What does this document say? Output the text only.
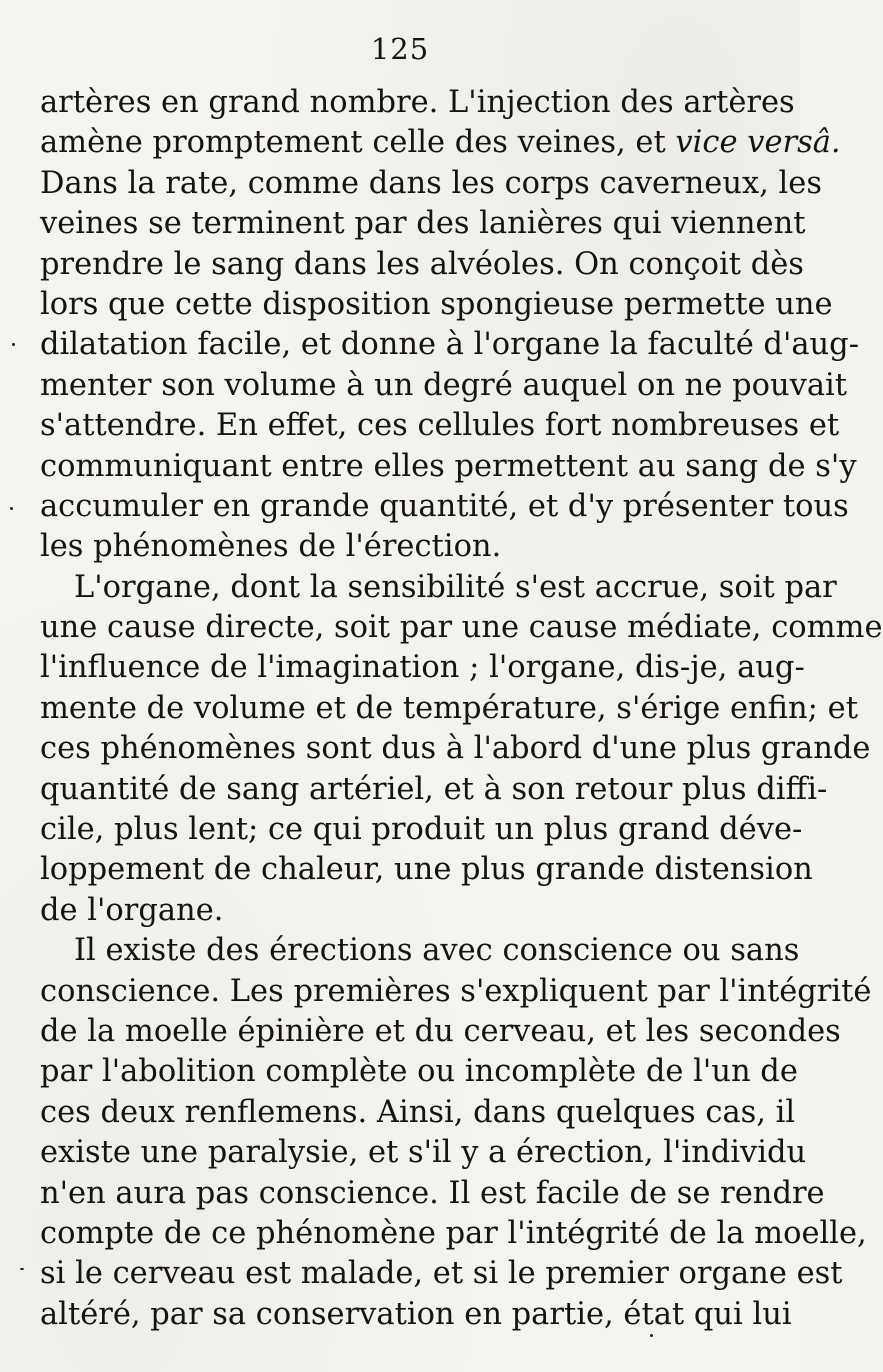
125
artères en grand nombre. L'injection des artères
amène promptement celle des veines, et vice versâ.
Dans la rate, comme dans les corps caverneux, les
veines se terminent par des lanières qui viennent
prendre le sang dans les alvéoles. On conçoit dès
lors que cette disposition spongieuse permette une
dilatation facile, et donne à l'organe la faculté d'aug-
menter son volume à un degré auquel on ne pouvait
s'attendre. En effet, ces cellules fort nombreuses et
communiquant entre elles permettent au sang de s'y
accumuler en grande quantité, et d'y présenter tous
les phénomènes de l'érection.
L'organe, dont la sensibilité s'est accrue, soit par
une cause directe, soit par une cause médiate, comme
l'influence de l'imagination ; l'organe, dis-je, aug-
mente de volume et de température, s'érige enfin; et
ces phénomènes sont dus à l'abord d'une plus grande
quantité de sang artériel, et à son retour plus diffi-
cile, plus lent; ce qui produit un plus grand déve-
loppement de chaleur, une plus grande distension
de l'organe.
Il existe des érections avec conscience ou sans
conscience. Les premières s'expliquent par l'intégrité
de la moelle épinière et du cerveau, et les secondes
par l'abolition complète ou incomplète de l'un de
ces deux renflemens. Ainsi, dans quelques cas, il
existe une paralysie, et s'il y a érection, l'individu
n'en aura pas conscience. Il est facile de se rendre
compte de ce phénomène par l'intégrité de la moelle,
si le cerveau est malade, et si le premier organe est
altéré, par sa conservation en partie, état qui lui
